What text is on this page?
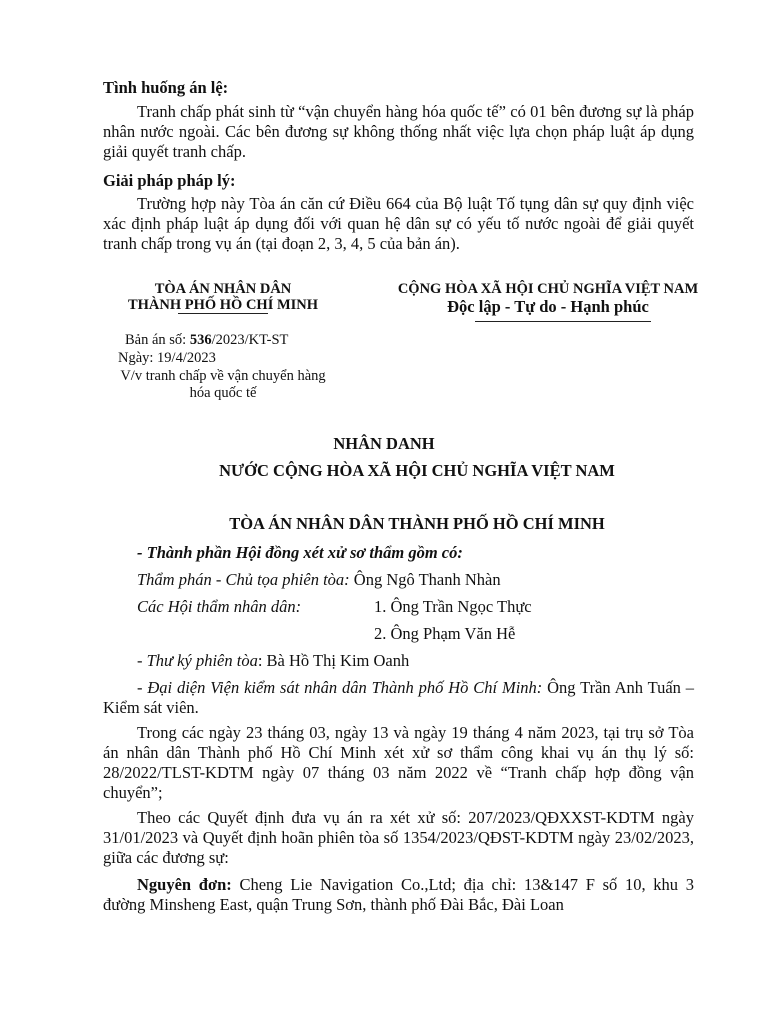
Tình huống án lệ:
Tranh chấp phát sinh từ “vận chuyển hàng hóa quốc tế” có 01 bên đương sự là pháp nhân nước ngoài. Các bên đương sự không thống nhất việc lựa chọn pháp luật áp dụng giải quyết tranh chấp.
Giải pháp pháp lý:
Trường hợp này Tòa án căn cứ Điều 664 của Bộ luật Tố tụng dân sự quy định việc xác định pháp luật áp dụng đối với quan hệ dân sự có yếu tố nước ngoài để giải quyết tranh chấp trong vụ án (tại đoạn 2, 3, 4, 5 của bản án).
TÒA ÁN NHÂN DÂN
THÀNH PHỐ HỒ CHÍ MINH
Bản án số: 536/2023/KT-ST
Ngày: 19/4/2023
V/v tranh chấp về vận chuyển hàng
hóa quốc tế
CỘNG HÒA XÃ HỘI CHỦ NGHĨA VIỆT NAM
Độc lập - Tự do - Hạnh phúc
NHÂN DANH
NƯỚC CỘNG HÒA XÃ HỘI CHỦ NGHĨA VIỆT NAM
TÒA ÁN NHÂN DÂN THÀNH PHỐ HỒ CHÍ MINH
- Thành phần Hội đồng xét xử sơ thẩm gồm có:
Thẩm phán - Chủ tọa phiên tòa: Ông Ngô Thanh Nhàn
Các Hội thẩm nhân dân:	1. Ông Trần Ngọc Thực
2. Ông Phạm Văn Hễ
- Thư ký phiên tòa: Bà Hồ Thị Kim Oanh
- Đại diện Viện kiểm sát nhân dân Thành phố Hồ Chí Minh: Ông Trần Anh Tuấn – Kiểm sát viên.
Trong các ngày 23 tháng 03, ngày 13 và ngày 19 tháng 4 năm 2023, tại trụ sở Tòa án nhân dân Thành phố Hồ Chí Minh xét xử sơ thẩm công khai vụ án thụ lý số: 28/2022/TLST-KDTM ngày 07 tháng 03 năm 2022 về “Tranh chấp hợp đồng vận chuyển”;
Theo các Quyết định đưa vụ án ra xét xử số: 207/2023/QĐXXST-KDTM ngày 31/01/2023 và Quyết định hoãn phiên tòa số 1354/2023/QĐST-KDTM ngày 23/02/2023, giữa các đương sự:
Nguyên đơn: Cheng Lie Navigation Co.,Ltd; địa chỉ: 13&147 F số 10, khu 3 đường Minsheng East, quận Trung Sơn, thành phố Đài Bắc, Đài Loan
